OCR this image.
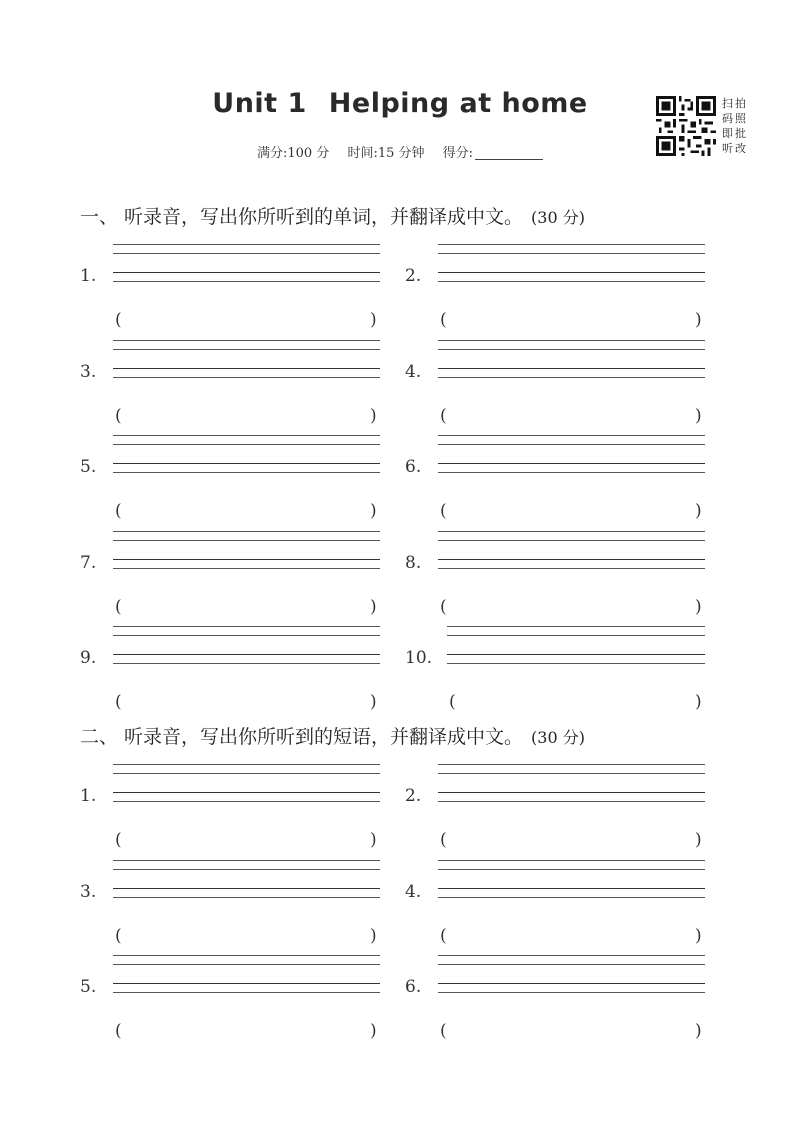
Unit 1 Helping at home
满分:100 分 时间:15 分钟 得分:
扫
码
即
听
拍
照
批
改
一、 听录音，写出你所听到的单词，并翻译成中文。 (30 分)
二、 听录音，写出你所听到的短语，并翻译成中文。 (30 分)
1.
(	)
2.
(	)
3.
(	)
4.
(	)
5.
(	)
6.
(	)
7.
(	)
8.
(	)
9.
(	)
10.
(	)
1.
(	)
2.
(	)
3.
(	)
4.
(	)
5.
(	)
6.
(	)
